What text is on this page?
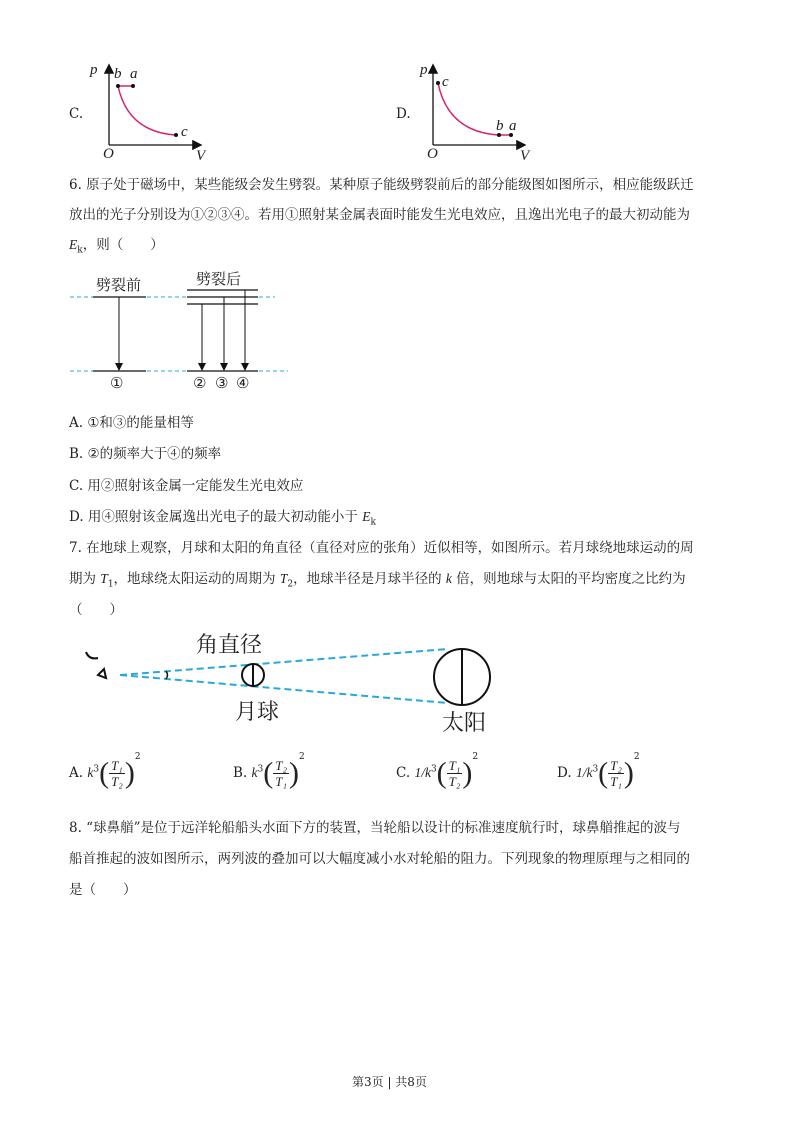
p b a
c
O	V
C.
p
c
b a
O	V
D.
6. 原子处于磁场中，某些能级会发生劈裂。某种原子能级劈裂前后的部分能级图如图所示，相应能级跃迁
放出的光子分别设为①②③④。若用①照射某金属表面时能发生光电效应，且逸出光电子的最大初动能为
$E_k$，则（　　）
劈裂前	劈裂后
①	② ③ ④
A. ①和③的能量相等
B. ②的频率大于④的频率
C. 用②照射该金属一定能发生光电效应
D. 用④照射该金属逸出光电子的最大初动能小于 $E_k$
7. 在地球上观察，月球和太阳的角直径（直径对应的张角）近似相等，如图所示。若月球绕地球运动的周
期为 $T_1$，地球绕太阳运动的周期为 $T_2$，地球半径是月球半径的 k 倍，则地球与太阳的平均密度之比约为
（　　）
角直径
月球	太阳
A. $k^3( \frac{\text{T₁}}{\text{T₂}} )^2$
B. $k^3( \frac{\text{T₂}}{\text{T₁}} )^2$
C. $1/k^3( \frac{\text{T₁}}{\text{T₂}} )^2$
D. $1/k^3( \frac{\text{T₂}}{\text{T₁}} )^2$
8. “球鼻艏”是位于远洋轮船船头水面下方的装置，当轮船以设计的标准速度航行时，球鼻艏推起的波与
船首推起的波如图所示，两列波的叠加可以大幅度减小水对轮船的阻力。下列现象的物理原理与之相同的
是（　　）
第3页 | 共8页
